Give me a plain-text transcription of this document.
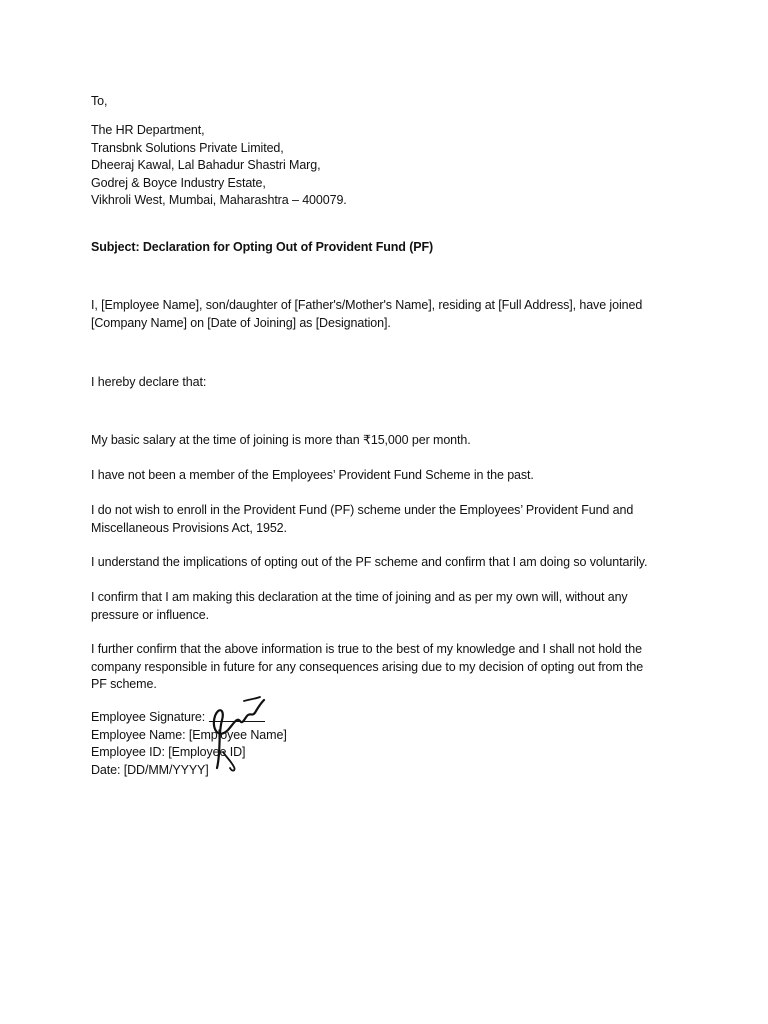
To,
The HR Department,
Transbnk Solutions Private Limited,
Dheeraj Kawal, Lal Bahadur Shastri Marg,
Godrej & Boyce Industry Estate,
Vikhroli West, Mumbai, Maharashtra – 400079.
Subject: Declaration for Opting Out of Provident Fund (PF)
I, [Employee Name], son/daughter of [Father's/Mother's Name], residing at [Full Address], have joined
[Company Name] on [Date of Joining] as [Designation].
I hereby declare that:
My basic salary at the time of joining is more than ₹15,000 per month.
I have not been a member of the Employees’ Provident Fund Scheme in the past.
I do not wish to enroll in the Provident Fund (PF) scheme under the Employees’ Provident Fund and
Miscellaneous Provisions Act, 1952.
I understand the implications of opting out of the PF scheme and confirm that I am doing so voluntarily.
I confirm that I am making this declaration at the time of joining and as per my own will, without any
pressure or influence.
I further confirm that the above information is true to the best of my knowledge and I shall not hold the
company responsible in future for any consequences arising due to my decision of opting out from the
PF scheme.
Employee Signature:
Employee Name: [Employee Name]
Employee ID: [Employee ID]
Date: [DD/MM/YYYY]
